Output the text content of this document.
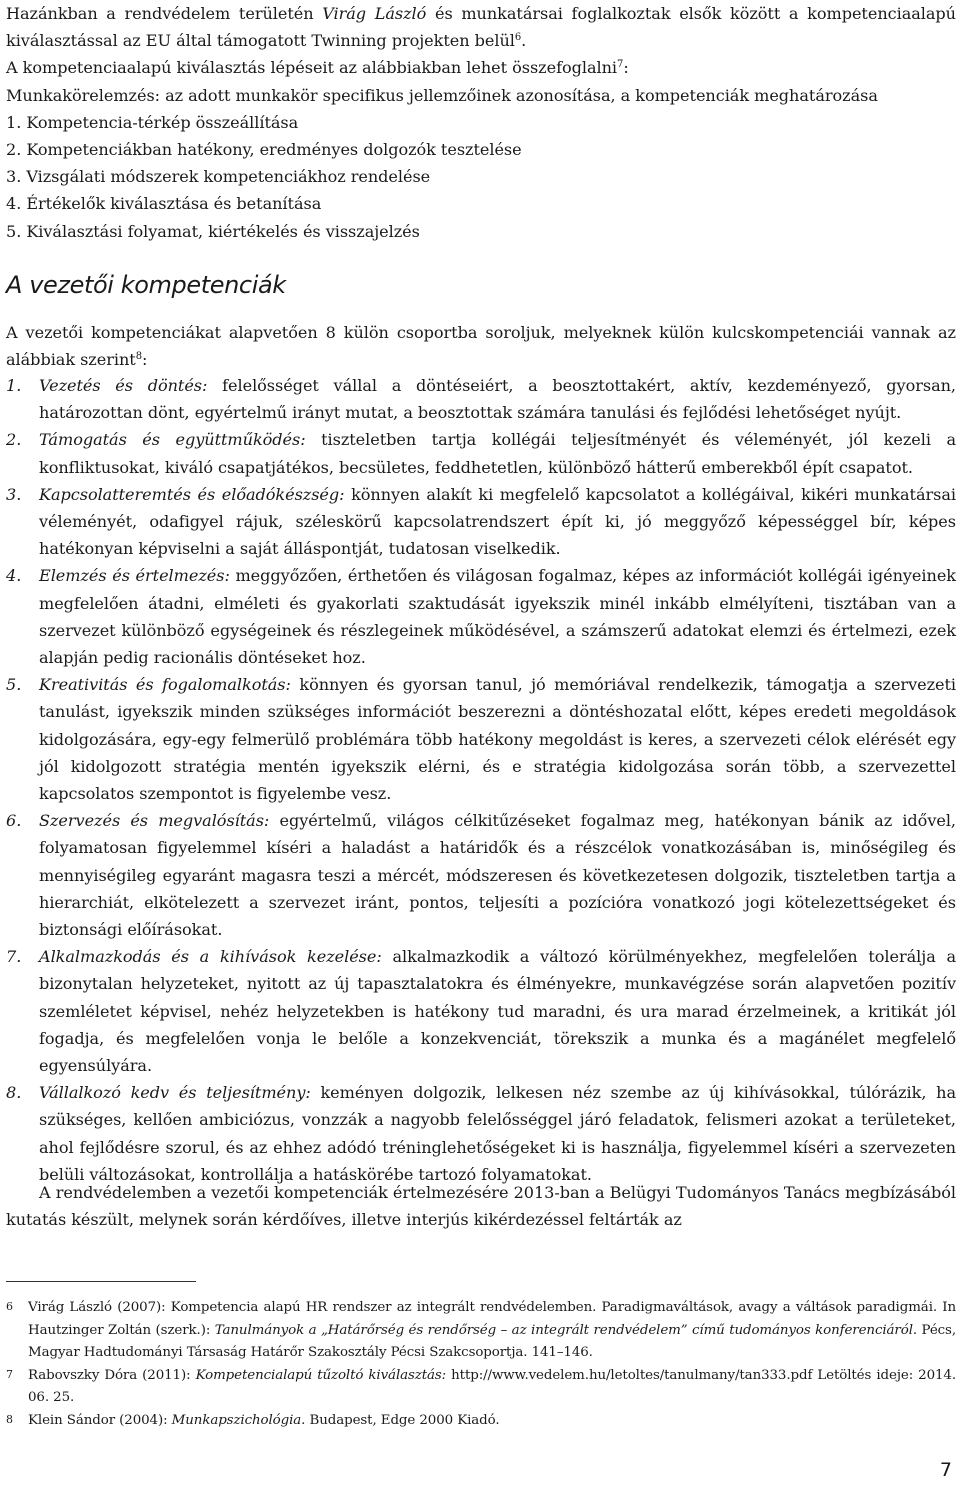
Hazánkban a rendvédelem területén Virág László és munkatársai foglalkoztak elsők között a kompetenciaalapú kiválasztással az EU által támogatott Twinning projekten belül$^6$.
A kompetenciaalapú kiválasztás lépéseit az alábbiakban lehet összefoglalni$^7$:
Munkakörelemzés: az adott munkakör specifikus jellemzőinek azonosítása, a kompetenciák meghatározása
1. Kompetencia-térkép összeállítása
2. Kompetenciákban hatékony, eredményes dolgozók tesztelése
3. Vizsgálati módszerek kompetenciákhoz rendelése
4. Értékelők kiválasztása és betanítása
5. Kiválasztási folyamat, kiértékelés és visszajelzés
A vezetői kompetenciák

A vezetői kompetenciákat alapvetően 8 külön csoportba soroljuk, melyeknek külön kulcskompetenciái vannak az alábbiak szerint$^8$:

1.	Vezetés és döntés: felelősséget vállal a döntéseiért, a beosztottakért, aktív, kezdeményező, gyorsan, határozottan dönt, egyértelmű irányt mutat, a beosztottak számára tanulási és fejlődési lehetőséget nyújt.
2.	Támogatás és együttműködés: tiszteletben tartja kollégái teljesítményét és véleményét, jól kezeli a konfliktusokat, kiváló csapatjátékos, becsületes, feddhetetlen, különböző hátterű emberekből épít csapatot.
3.	Kapcsolatteremtés és előadókészség: könnyen alakít ki megfelelő kapcsolatot a kollégáival, kikéri munkatársai véleményét, odafigyel rájuk, széleskörű kapcsolatrendszert épít ki, jó meggyőző képességgel bír, képes hatékonyan képviselni a saját álláspontját, tudatosan viselkedik.
4.	Elemzés és értelmezés: meggyőzően, érthetően és világosan fogalmaz, képes az információt kollégái igényeinek megfelelően átadni, elméleti és gyakorlati szaktudását igyekszik minél inkább elmélyíteni, tisztában van a szervezet különböző egységeinek és részlegeinek működésével, a számszerű adatokat elemzi és értelmezi, ezek alapján pedig racionális döntéseket hoz.
5.	Kreativitás és fogalomalkotás: könnyen és gyorsan tanul, jó memóriával rendelkezik, támogatja a szervezeti tanulást, igyekszik minden szükséges információt beszerezni a döntéshozatal előtt, képes eredeti megoldások kidolgozására, egy-egy felmerülő problémára több hatékony megoldást is keres, a szervezeti célok elérését egy jól kidolgozott stratégia mentén igyekszik elérni, és e stratégia kidolgozása során több, a szervezettel kapcsolatos szempontot is figyelembe vesz.
6.	Szervezés és megvalósítás: egyértelmű, világos célkitűzéseket fogalmaz meg, hatékonyan bánik az idővel, folyamatosan figyelemmel kíséri a haladást a határidők és a részcélok vonatkozásában is, minőségileg és mennyiségileg egyaránt magasra teszi a mércét, módszeresen és következetesen dolgozik, tiszteletben tartja a hierarchiát, elkötelezett a szervezet iránt, pontos, teljesíti a pozícióra vonatkozó jogi kötelezettségeket és biztonsági előírásokat.
7.	Alkalmazkodás és a kihívások kezelése: alkalmazkodik a változó körülményekhez, megfelelően tolerálja a bizonytalan helyzeteket, nyitott az új tapasztalatokra és élményekre, munkavégzése során alapvetően pozitív szemléletet képvisel, nehéz helyzetekben is hatékony tud maradni, és ura marad érzelmeinek, a kritikát jól fogadja, és megfelelően vonja le belőle a konzekvenciát, törekszik a munka és a magánélet megfelelő egyensúlyára.
8.	Vállalkozó kedv és teljesítmény: keményen dolgozik, lelkesen néz szembe az új kihívásokkal, túlórázik, ha szükséges, kellően ambiciózus, vonzzák a nagyobb felelősséggel járó feladatok, felismeri azokat a területeket, ahol fejlődésre szorul, és az ehhez adódó tréninglehetőségeket ki is használja, figyelemmel kíséri a szervezeten belüli változásokat, kontrollálja a hatáskörébe tartozó folyamatokat.

A rendvédelemben a vezetői kompetenciák értelmezésére 2013-ban a Belügyi Tudományos Tanács megbízásából kutatás készült, melynek során kérdőíves, illetve interjús kikérdezéssel feltárták az

6	Virág László (2007): Kompetencia alapú HR rendszer az integrált rendvédelemben. Paradigmaváltások, avagy a váltások paradigmái. In Hautzinger Zoltán (szerk.): Tanulmányok a „Határőrség és rendőrség – az integrált rendvédelem” című tudományos konferenciáról. Pécs, Magyar Hadtudományi Társaság Határőr Szakosztály Pécsi Szakcsoportja. 141–146.
7	Rabovszky Dóra (2011): Kompetencialapú tűzoltó kiválasztás: http://www.vedelem.hu/letoltes/tanulmany/tan333.pdf Letöltés ideje: 2014. 06. 25.
8	Klein Sándor (2004): Munkapszichológia. Budapest, Edge 2000 Kiadó.
7
